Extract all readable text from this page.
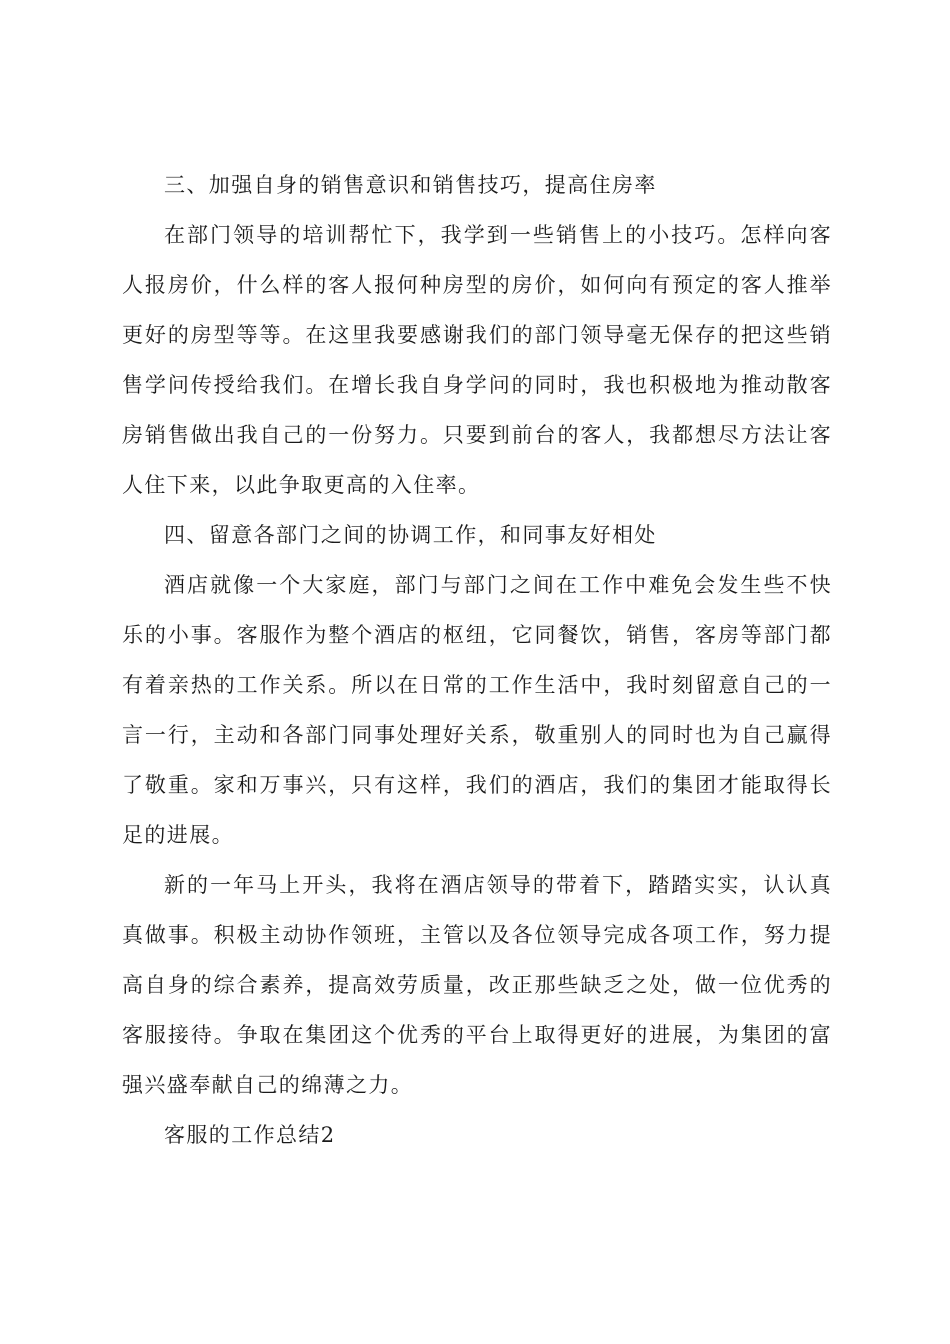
三、加强自身的销售意识和销售技巧，提高住房率

在部门领导的培训帮忙下，我学到一些销售上的小技巧。怎样向客人报房价，什么样的客人报何种房型的房价，如何向有预定的客人推举更好的房型等等。在这里我要感谢我们的部门领导毫无保存的把这些销售学问传授给我们。在增长我自身学问的同时，我也积极地为推动散客房销售做出我自己的一份努力。只要到前台的客人，我都想尽方法让客人住下来，以此争取更高的入住率。

四、留意各部门之间的协调工作，和同事友好相处

酒店就像一个大家庭，部门与部门之间在工作中难免会发生些不快乐的小事。客服作为整个酒店的枢纽，它同餐饮，销售，客房等部门都有着亲热的工作关系。所以在日常的工作生活中，我时刻留意自己的一言一行，主动和各部门同事处理好关系，敬重别人的同时也为自己赢得了敬重。家和万事兴，只有这样，我们的酒店，我们的集团才能取得长足的进展。

新的一年马上开头，我将在酒店领导的带着下，踏踏实实，认认真真做事。积极主动协作领班，主管以及各位领导完成各项工作，努力提高自身的综合素养，提高效劳质量，改正那些缺乏之处，做一位优秀的客服接待。争取在集团这个优秀的平台上取得更好的进展，为集团的富强兴盛奉献自己的绵薄之力。

客服的工作总结2
